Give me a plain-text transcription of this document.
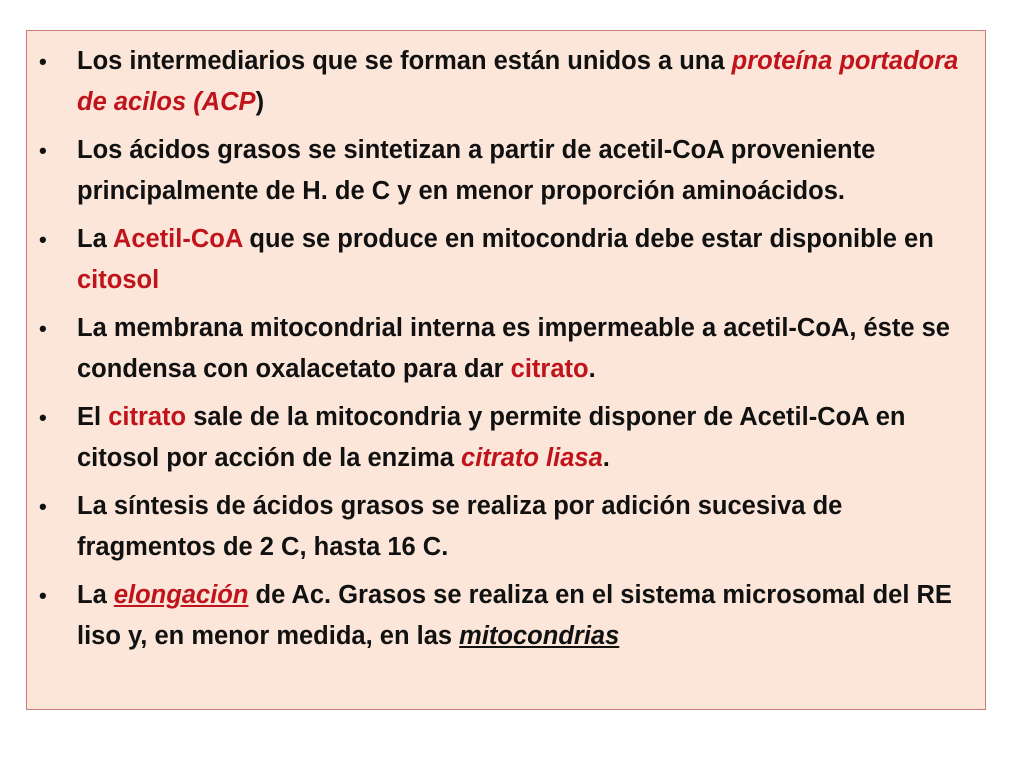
• Los intermediarios que se forman están unidos a una proteína portadora de acilos (ACP)
• Los ácidos grasos se sintetizan a partir de acetil-CoA proveniente principalmente de H. de C y en menor proporción aminoácidos.
• La Acetil-CoA que se produce en mitocondria debe estar disponible en citosol
• La membrana mitocondrial interna es impermeable a acetil-CoA, éste se condensa con oxalacetato para dar citrato.
• El citrato sale de la mitocondria y permite disponer de Acetil-CoA en citosol por acción de la enzima citrato liasa.
• La síntesis de ácidos grasos se realiza por adición sucesiva de fragmentos de 2 C, hasta 16 C.
• La elongación de Ac. Grasos se realiza en el sistema microsomal del RE liso y, en menor medida, en las mitocondrias
